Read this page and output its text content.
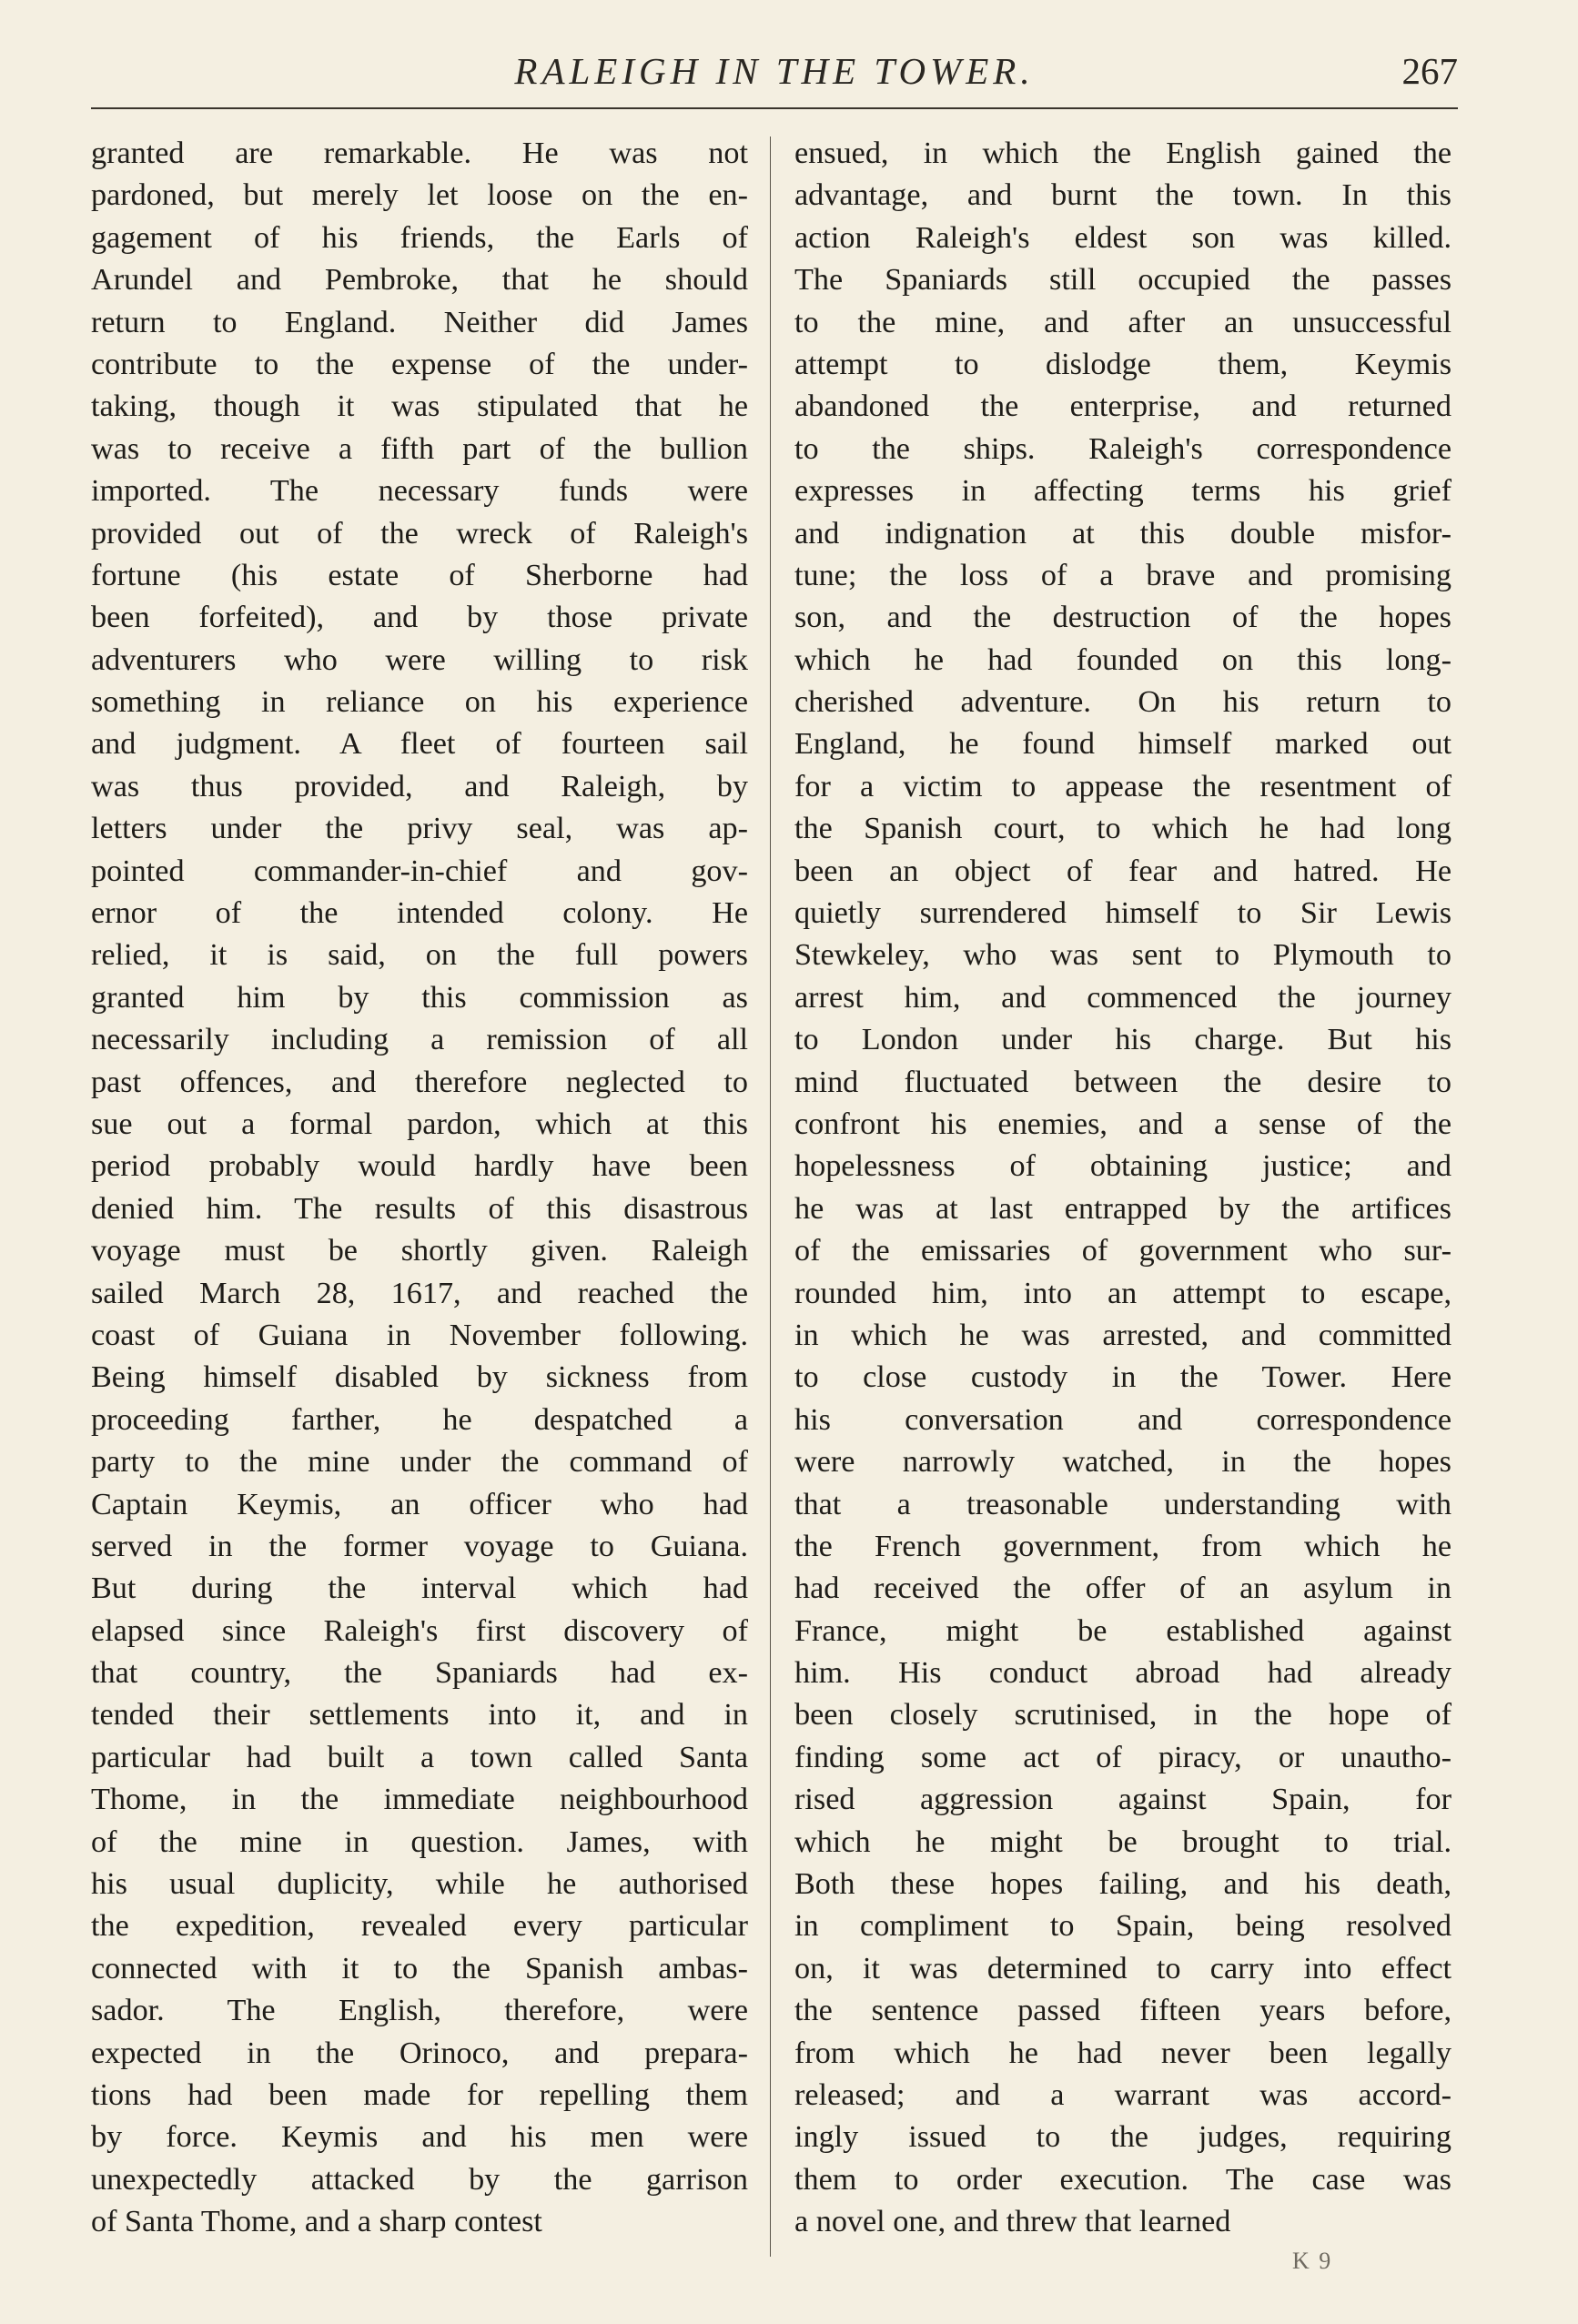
RALEIGH IN THE TOWER.	267
granted are remarkable. He was not
pardoned, but merely let loose on the en-
gagement of his friends, the Earls of
Arundel and Pembroke, that he should
return to England. Neither did James
contribute to the expense of the under-
taking, though it was stipulated that he
was to receive a fifth part of the bullion
imported. The necessary funds were
provided out of the wreck of Raleigh's
fortune (his estate of Sherborne had
been forfeited), and by those private
adventurers who were willing to risk
something in reliance on his experience
and judgment. A fleet of fourteen sail
was thus provided, and Raleigh, by
letters under the privy seal, was ap-
pointed commander-in-chief and gov-
ernor of the intended colony. He
relied, it is said, on the full powers
granted him by this commission as
necessarily including a remission of all
past offences, and therefore neglected to
sue out a formal pardon, which at this
period probably would hardly have been
denied him. The results of this disastrous
voyage must be shortly given. Raleigh
sailed March 28, 1617, and reached the
coast of Guiana in November following.
Being himself disabled by sickness from
proceeding farther, he despatched a
party to the mine under the command of
Captain Keymis, an officer who had
served in the former voyage to Guiana.
But during the interval which had
elapsed since Raleigh's first discovery of
that country, the Spaniards had ex-
tended their settlements into it, and in
particular had built a town called Santa
Thome, in the immediate neighbourhood
of the mine in question. James, with
his usual duplicity, while he authorised
the expedition, revealed every particular
connected with it to the Spanish ambas-
sador. The English, therefore, were
expected in the Orinoco, and prepara-
tions had been made for repelling them
by force. Keymis and his men were
unexpectedly attacked by the garrison
of Santa Thome, and a sharp contest
ensued, in which the English gained the
advantage, and burnt the town. In this
action Raleigh's eldest son was killed.
The Spaniards still occupied the passes
to the mine, and after an unsuccessful
attempt to dislodge them, Keymis
abandoned the enterprise, and returned
to the ships. Raleigh's correspondence
expresses in affecting terms his grief
and indignation at this double misfor-
tune; the loss of a brave and promising
son, and the destruction of the hopes
which he had founded on this long-
cherished adventure. On his return to
England, he found himself marked out
for a victim to appease the resentment of
the Spanish court, to which he had long
been an object of fear and hatred. He
quietly surrendered himself to Sir Lewis
Stewkeley, who was sent to Plymouth to
arrest him, and commenced the journey
to London under his charge. But his
mind fluctuated between the desire to
confront his enemies, and a sense of the
hopelessness of obtaining justice; and
he was at last entrapped by the artifices
of the emissaries of government who sur-
rounded him, into an attempt to escape,
in which he was arrested, and committed
to close custody in the Tower. Here
his conversation and correspondence
were narrowly watched, in the hopes
that a treasonable understanding with
the French government, from which he
had received the offer of an asylum in
France, might be established against
him. His conduct abroad had already
been closely scrutinised, in the hope of
finding some act of piracy, or unautho-
rised aggression against Spain, for
which he might be brought to trial.
Both these hopes failing, and his death,
in compliment to Spain, being resolved
on, it was determined to carry into effect
the sentence passed fifteen years before,
from which he had never been legally
released; and a warrant was accord-
ingly issued to the judges, requiring
them to order execution. The case was
a novel one, and threw that learned
K 9
